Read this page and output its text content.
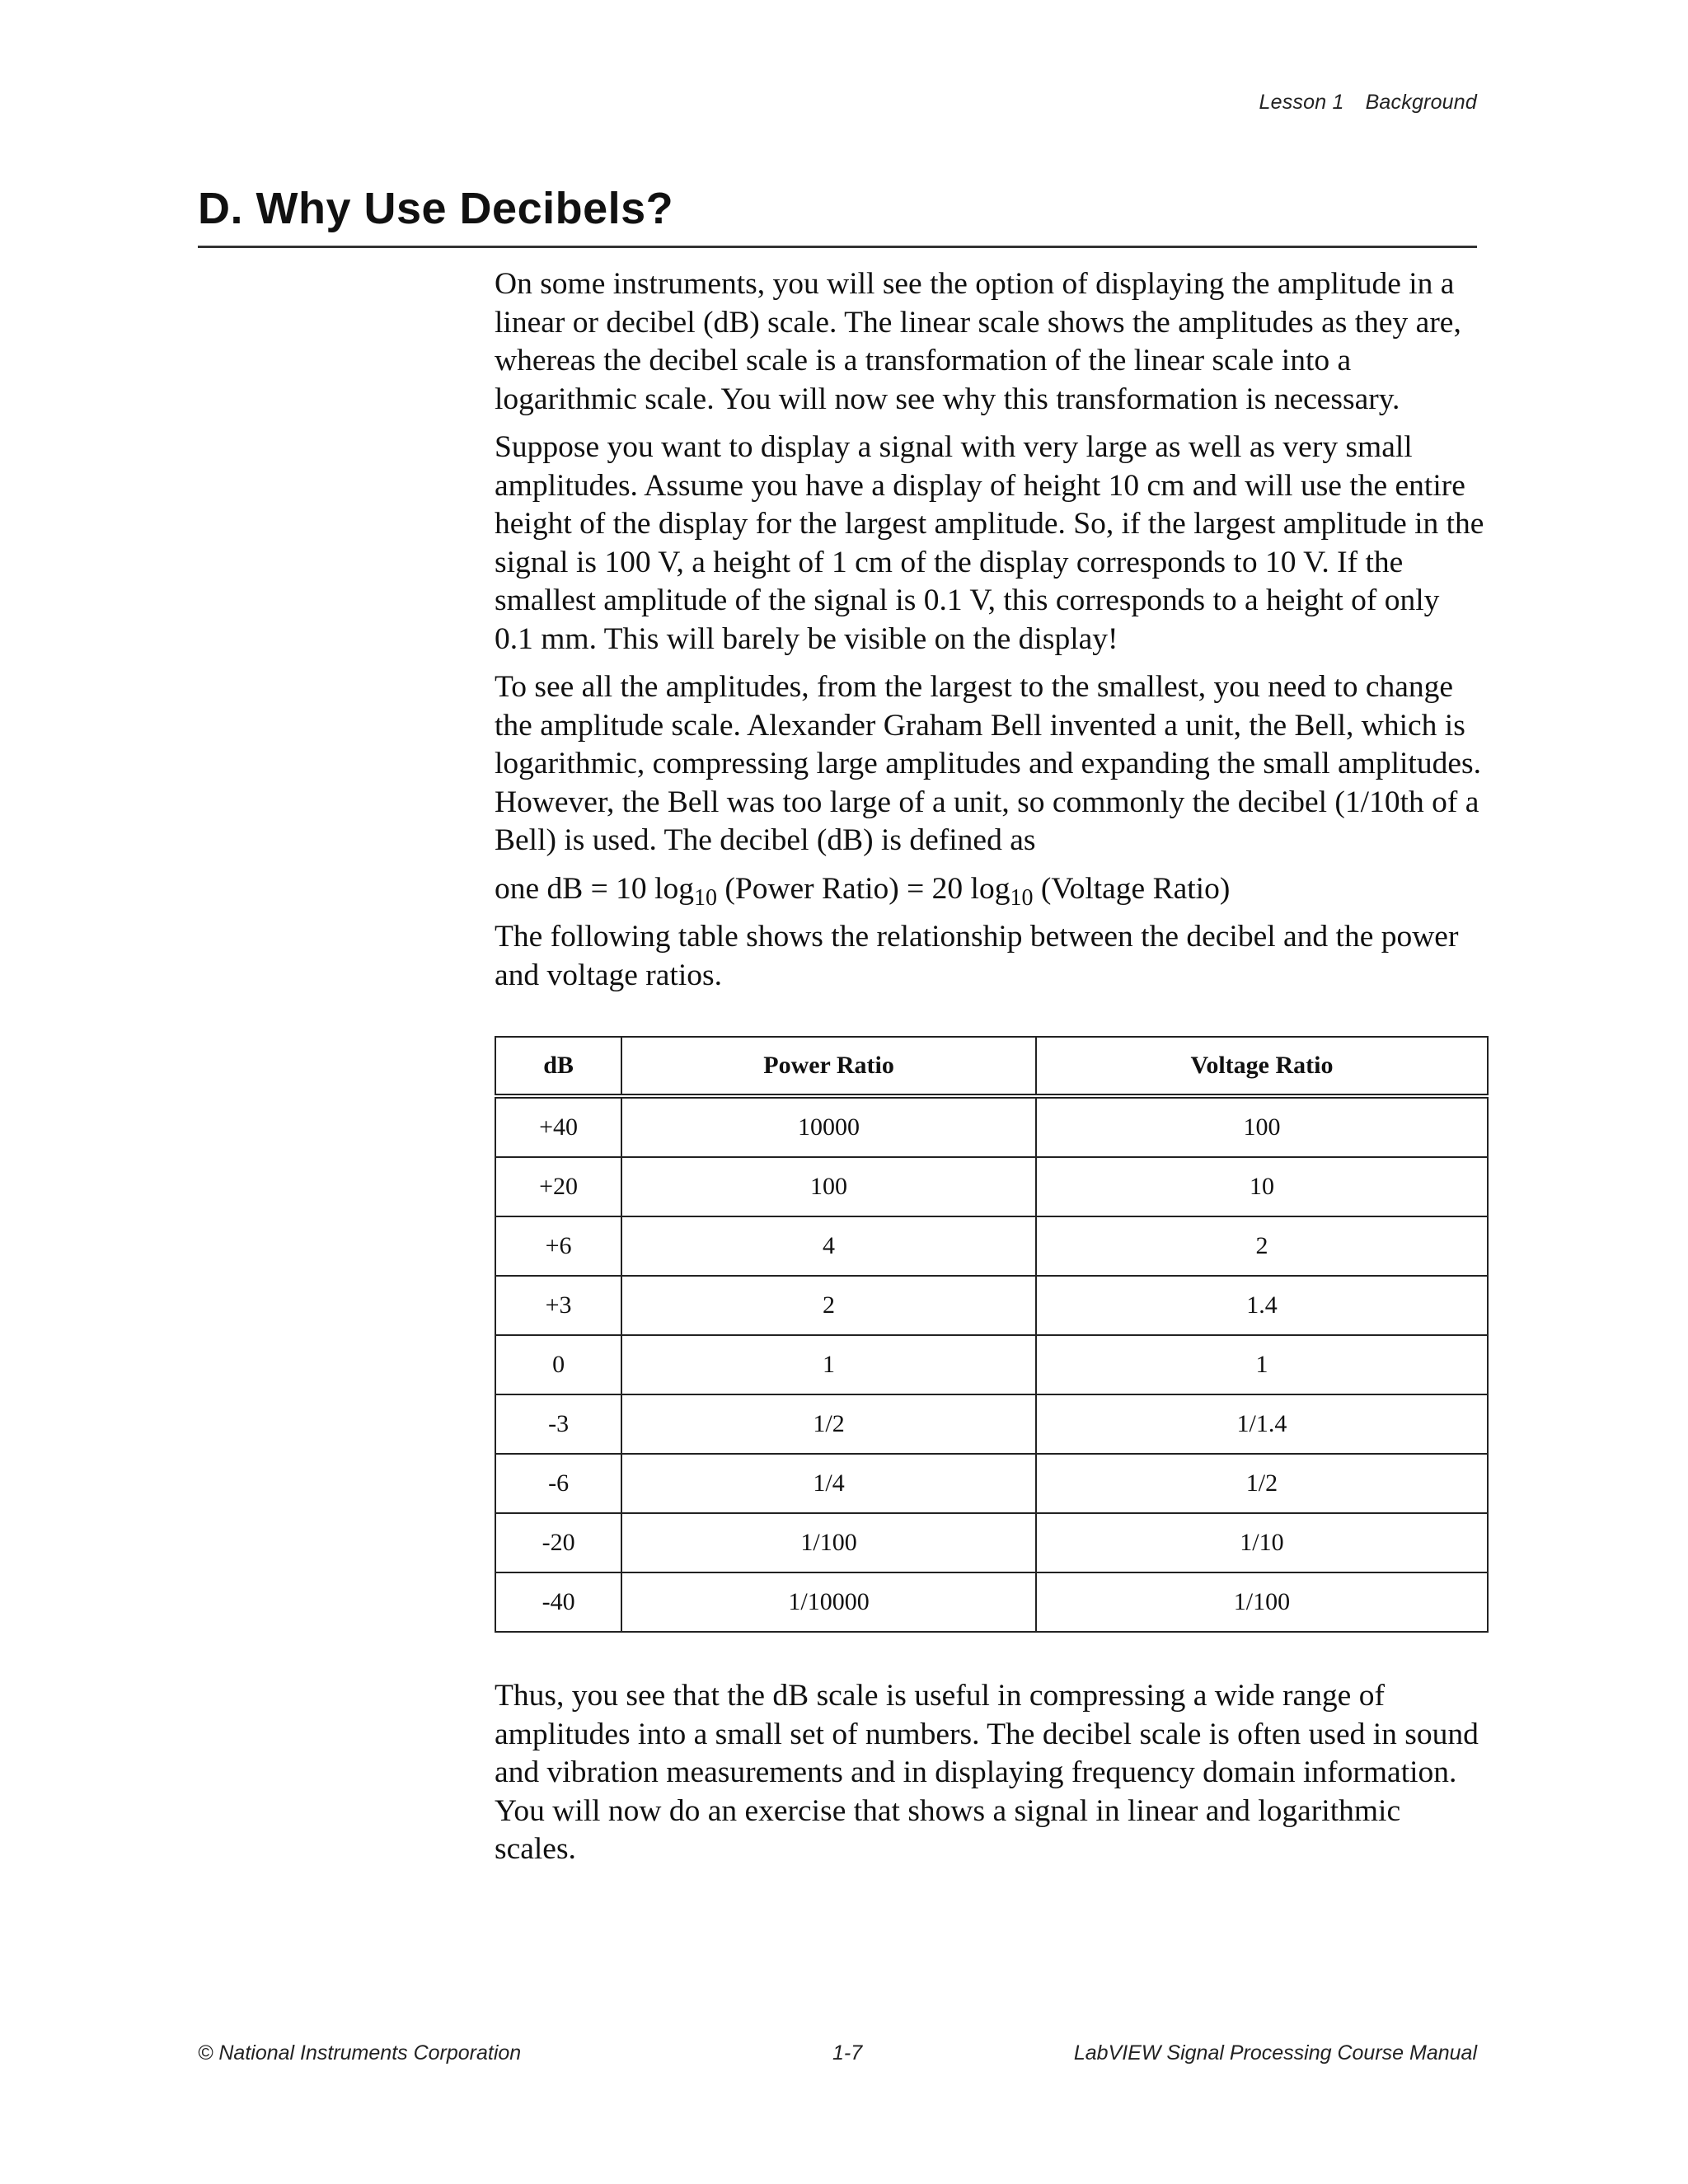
Lesson 1 Background
D. Why Use Decibels?

On some instruments, you will see the option of displaying the amplitude in a linear or decibel (dB) scale. The linear scale shows the amplitudes as they are, whereas the decibel scale is a transformation of the linear scale into a logarithmic scale. You will now see why this transformation is necessary.

Suppose you want to display a signal with very large as well as very small amplitudes. Assume you have a display of height 10 cm and will use the entire height of the display for the largest amplitude. So, if the largest amplitude in the signal is 100 V, a height of 1 cm of the display corresponds to 10 V. If the smallest amplitude of the signal is 0.1 V, this corresponds to a height of only 0.1 mm. This will barely be visible on the display!

To see all the amplitudes, from the largest to the smallest, you need to change the amplitude scale. Alexander Graham Bell invented a unit, the Bell, which is logarithmic, compressing large amplitudes and expanding the small amplitudes. However, the Bell was too large of a unit, so commonly the decibel (1/10th of a Bell) is used. The decibel (dB) is defined as

one dB = 10 $\log_{10}$ (Power Ratio) = 20 $\log_{10}$ (Voltage Ratio)

The following table shows the relationship between the decibel and the power and voltage ratios.

dB	Power Ratio	Voltage Ratio
+40	10000	100
+20	100	10
+6	4	2
+3	2	1.4
0	1	1
-3	1/2	1/1.4
-6	1/4	1/2
-20	1/100	1/10
-40	1/10000	1/100

Thus, you see that the dB scale is useful in compressing a wide range of amplitudes into a small set of numbers. The decibel scale is often used in sound and vibration measurements and in displaying frequency domain information. You will now do an exercise that shows a signal in linear and logarithmic scales.

© National Instruments Corporation	1-7	LabVIEW Signal Processing Course Manual
